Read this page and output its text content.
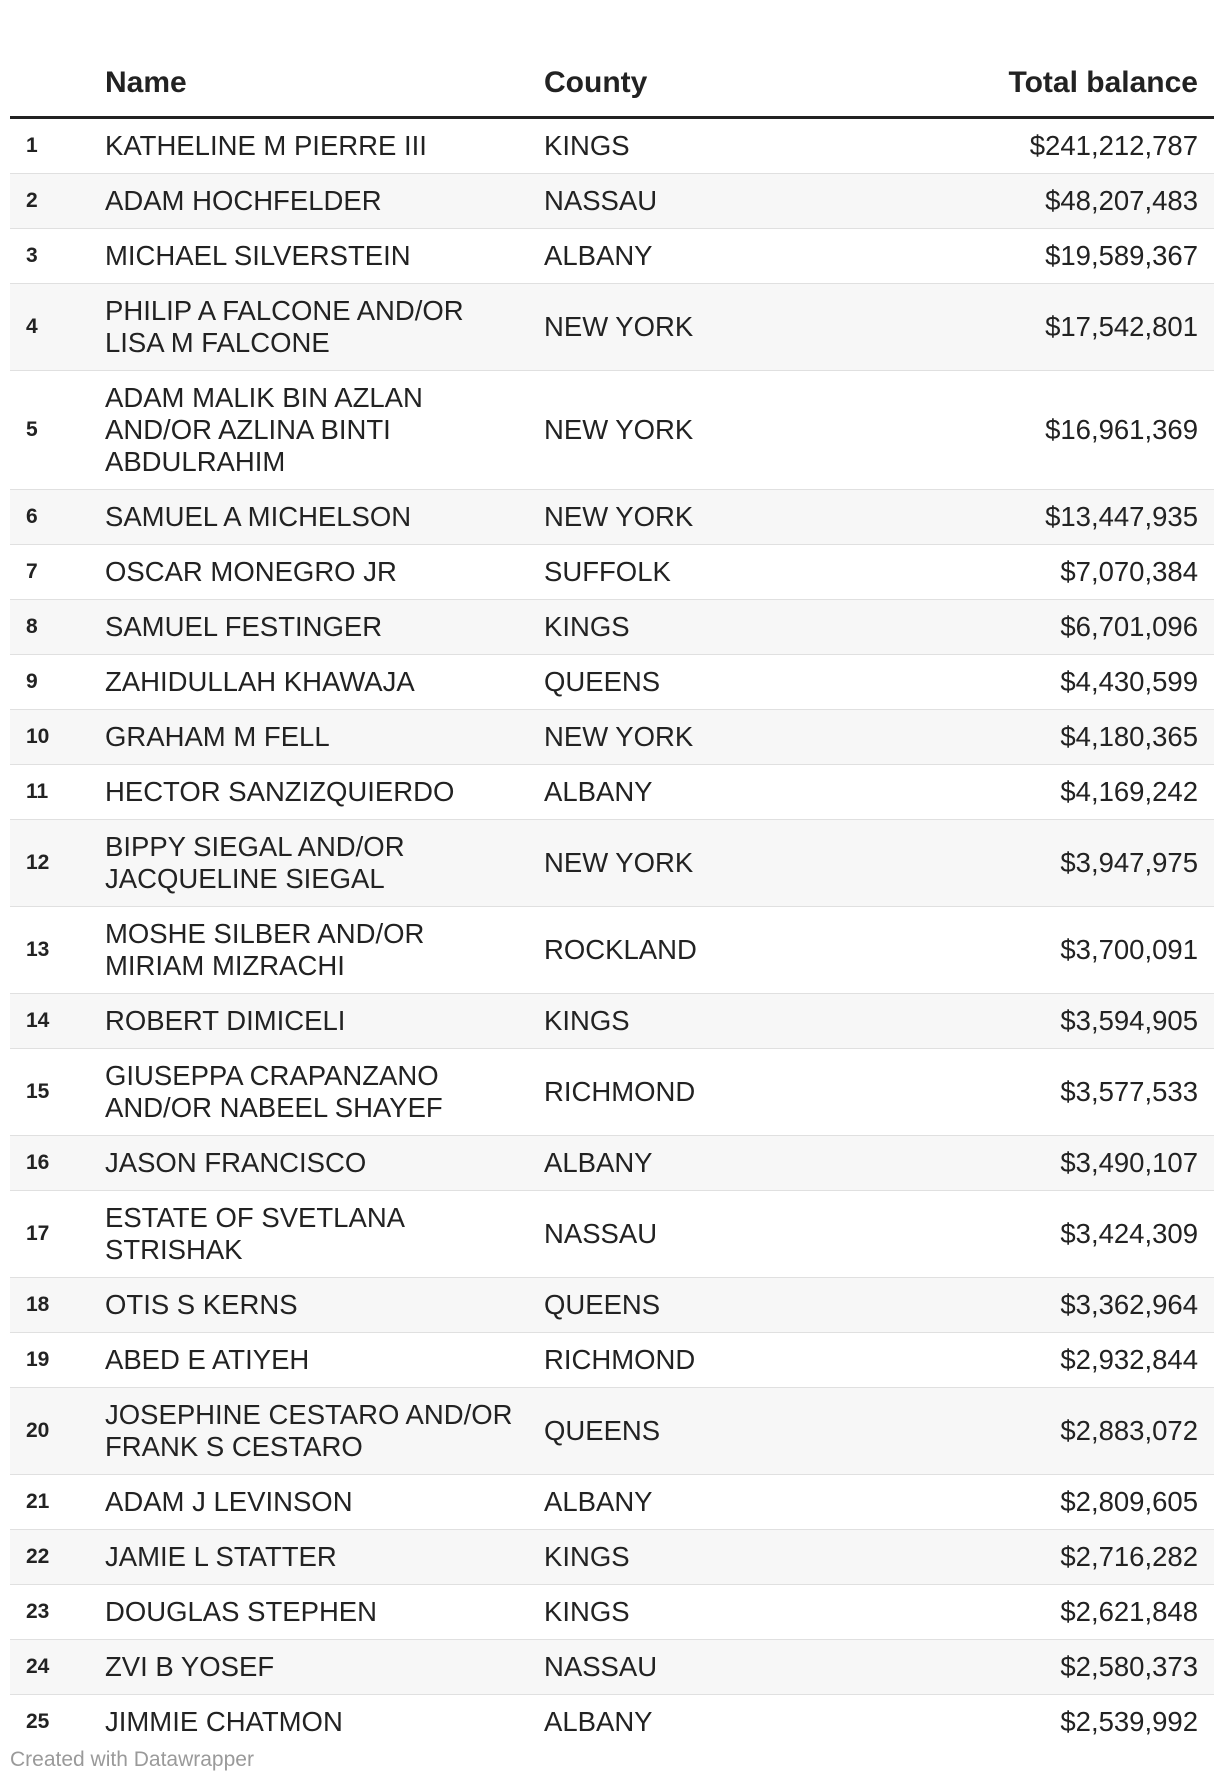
	Name	County	Total balance
1	KATHELINE M PIERRE III	KINGS	$241,212,787
2	ADAM HOCHFELDER	NASSAU	$48,207,483
3	MICHAEL SILVERSTEIN	ALBANY	$19,589,367
4	PHILIP A FALCONE AND/OR LISA M FALCONE	NEW YORK	$17,542,801
5	ADAM MALIK BIN AZLAN AND/OR AZLINA BINTI ABDULRAHIM	NEW YORK	$16,961,369
6	SAMUEL A MICHELSON	NEW YORK	$13,447,935
7	OSCAR MONEGRO JR	SUFFOLK	$7,070,384
8	SAMUEL FESTINGER	KINGS	$6,701,096
9	ZAHIDULLAH KHAWAJA	QUEENS	$4,430,599
10	GRAHAM M FELL	NEW YORK	$4,180,365
11	HECTOR SANZIZQUIERDO	ALBANY	$4,169,242
12	BIPPY SIEGAL AND/OR JACQUELINE SIEGAL	NEW YORK	$3,947,975
13	MOSHE SILBER AND/OR MIRIAM MIZRACHI	ROCKLAND	$3,700,091
14	ROBERT DIMICELI	KINGS	$3,594,905
15	GIUSEPPA CRAPANZANO AND/OR NABEEL SHAYEF	RICHMOND	$3,577,533
16	JASON FRANCISCO	ALBANY	$3,490,107
17	ESTATE OF SVETLANA STRISHAK	NASSAU	$3,424,309
18	OTIS S KERNS	QUEENS	$3,362,964
19	ABED E ATIYEH	RICHMOND	$2,932,844
20	JOSEPHINE CESTARO AND/OR FRANK S CESTARO	QUEENS	$2,883,072
21	ADAM J LEVINSON	ALBANY	$2,809,605
22	JAMIE L STATTER	KINGS	$2,716,282
23	DOUGLAS STEPHEN	KINGS	$2,621,848
24	ZVI B YOSEF	NASSAU	$2,580,373
25	JIMMIE CHATMON	ALBANY	$2,539,992
Created with Datawrapper
